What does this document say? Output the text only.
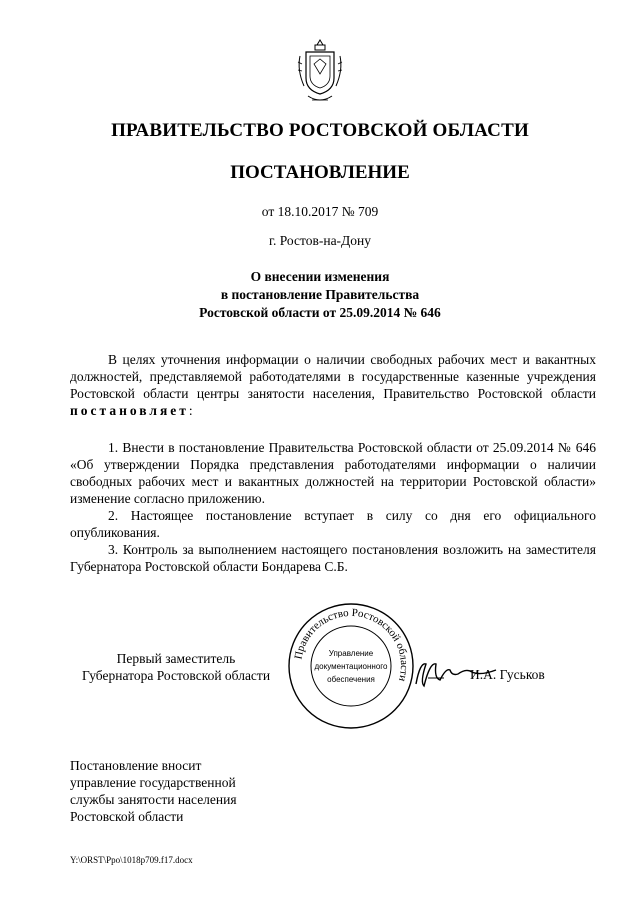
ПРАВИТЕЛЬСТВО РОСТОВСКОЙ ОБЛАСТИ
ПОСТАНОВЛЕНИЕ
от 18.10.2017 № 709
г. Ростов-на-Дону
О внесении изменения
в постановление Правительства
Ростовской области от 25.09.2014 № 646

В целях уточнения информации о наличии свободных рабочих мест и вакантных должностей, представляемой работодателями в государственные казенные учреждения Ростовской области центры занятости населения, Правительство Ростовской области постановляет:

1. Внести в постановление Правительства Ростовской области от 25.09.2014 № 646 «Об утверждении Порядка представления работодателями информации о наличии свободных рабочих мест и вакантных должностей на территории Ростовской области» изменение согласно приложению.

2. Настоящее постановление вступает в силу со дня его официального опубликования.

3. Контроль за выполнением настоящего постановления возложить на заместителя Губернатора Ростовской области Бондарева С.Б.

Первый заместитель
Губернатора Ростовской области
Правительство Ростовской области
Управление
документационного
обеспечения	И.А. Гуськов
Постановление вносит
управление государственной
службы занятости населения
Ростовской области
Y:\ORST\Ppo\1018p709.f17.docx
